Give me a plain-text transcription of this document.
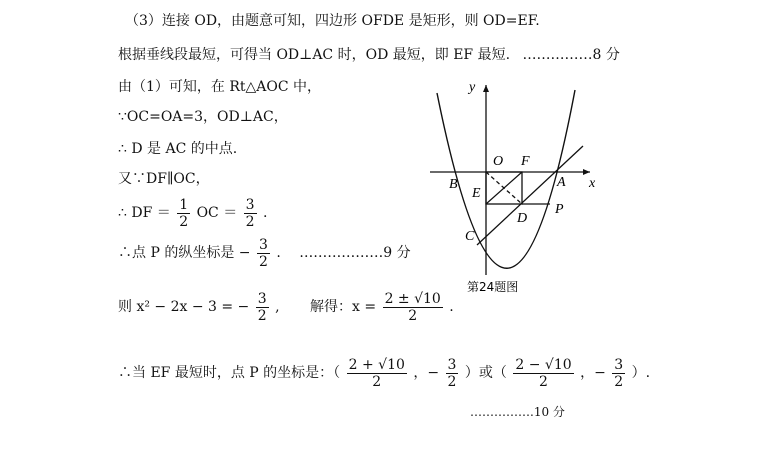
（3）连接 OD，由题意可知，四边形 OFDE 是矩形，则 OD=EF.
根据垂线段最短，可得当 OD⊥AC 时，OD 最短，即 EF 最短. ……………8 分
由（1）可知，在 Rt△AOC 中，
∵OC=OA=3，OD⊥AC，
∴ D 是 AC 的中点.
又∵DF∥OC，
∴ DF ＝ $\frac{1}{2}$ OC ＝ $\frac{3}{2}$ .
∴点 P 的纵坐标是 − $\frac{3}{2}$ . ………………9 分
则 x² − 2x − 3 = − $\frac{3}{2}$ , 解得：$x = \frac{2 \pm √10}{2}$ .
∴当 EF 最短时，点 P 的坐标是：（ $\frac{2 + √10}{2}$ ，− $\frac{3}{2}$ ）或（ $\frac{2 - √10}{2}$ ，− $\frac{3}{2}$ ）.
…………….10 分
y
x
O F
A
B
E
D
P
C
第24题图
